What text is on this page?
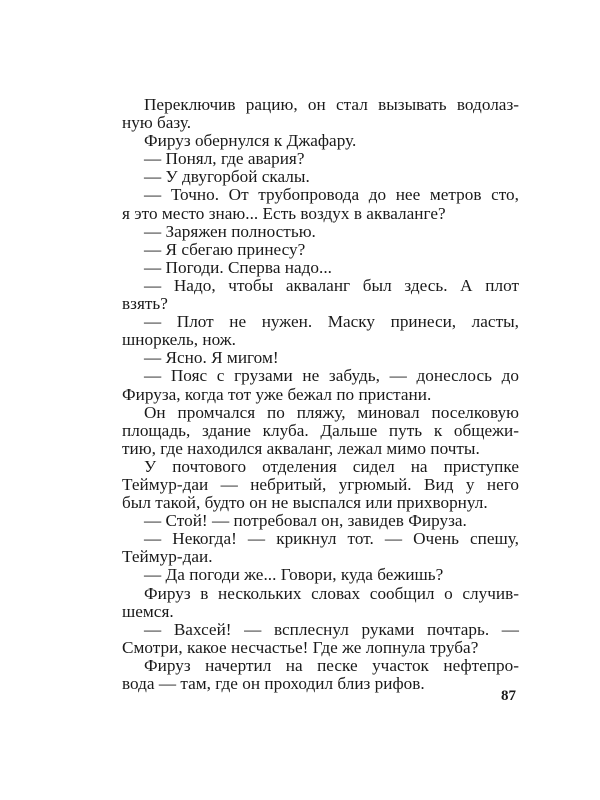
Переключив рацию, он стал вызывать водолаз-
ную базу.
Фируз обернулся к Джафару.
— Понял, где авария?
— У двугорбой скалы.
— Точно. От трубопровода до нее метров сто,
я это место знаю... Есть воздух в акваланге?
— Заряжен полностью.
— Я сбегаю принесу?
— Погоди. Сперва надо...
— Надо, чтобы акваланг был здесь. А плот
взять?
— Плот не нужен. Маску принеси, ласты,
шноркель, нож.
— Ясно. Я мигом!
— Пояс с грузами не забудь, — донеслось до
Фируза, когда тот уже бежал по пристани.
Он промчался по пляжу, миновал поселковую
площадь, здание клуба. Дальше путь к общежи-
тию, где находился акваланг, лежал мимо почты.
У почтового отделения сидел на приступке
Теймур-даи — небритый, угрюмый. Вид у него
был такой, будто он не выспался или прихворнул.
— Стой! — потребовал он, завидев Фируза.
— Некогда! — крикнул тот. — Очень спешу,
Теймур-даи.
— Да погоди же... Говори, куда бежишь?
Фируз в нескольких словах сообщил о случив-
шемся.
— Вахсей! — всплеснул руками почтарь. —
Смотри, какое несчастье! Где же лопнула труба?
Фируз начертил на песке участок нефтепро-
вода — там, где он проходил близ рифов.
87
